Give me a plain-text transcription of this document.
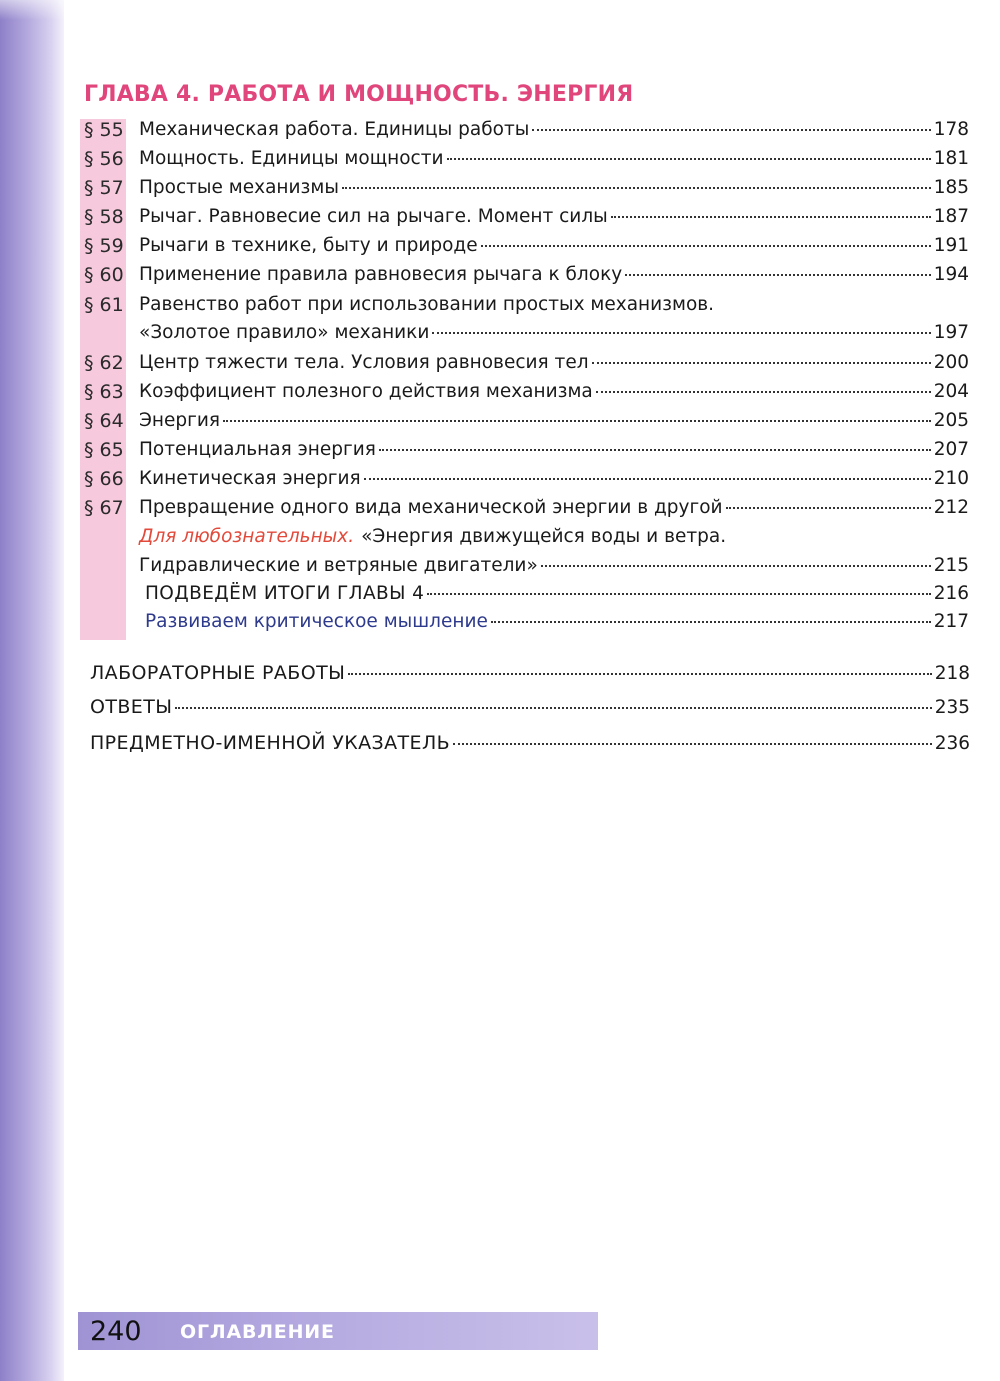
ГЛАВА 4. РАБОТА И МОЩНОСТЬ. ЭНЕРГИЯ
§ 55 Механическая работа. Единицы работы	178
§ 56 Мощность. Единицы мощности	181
§ 57 Простые механизмы	185
§ 58 Рычаг. Равновесие сил на рычаге. Момент силы	187
§ 59 Рычаги в технике, быту и природе	191
§ 60 Применение правила равновесия рычага к блоку	194
§ 61 Равенство работ при использовании простых механизмов.
«Золотое правило» механики	197
§ 62 Центр тяжести тела. Условия равновесия тел	200
§ 63 Коэффициент полезного действия механизма	204
§ 64 Энергия	205
§ 65 Потенциальная энергия	207
§ 66 Кинетическая энергия	210
§ 67 Превращение одного вида механической энергии в другой	212
Для любознательных. «Энергия движущейся воды и ветра.
Гидравлические и ветряные двигатели»	215
ПОДВЕДЁМ ИТОГИ ГЛАВЫ 4	216
Развиваем критическое мышление	217
ЛАБОРАТОРНЫЕ РАБОТЫ	218
ОТВЕТЫ	235
ПРЕДМЕТНО-ИМЕННОЙ УКАЗАТЕЛЬ	236
240 ОГЛАВЛЕНИЕ
